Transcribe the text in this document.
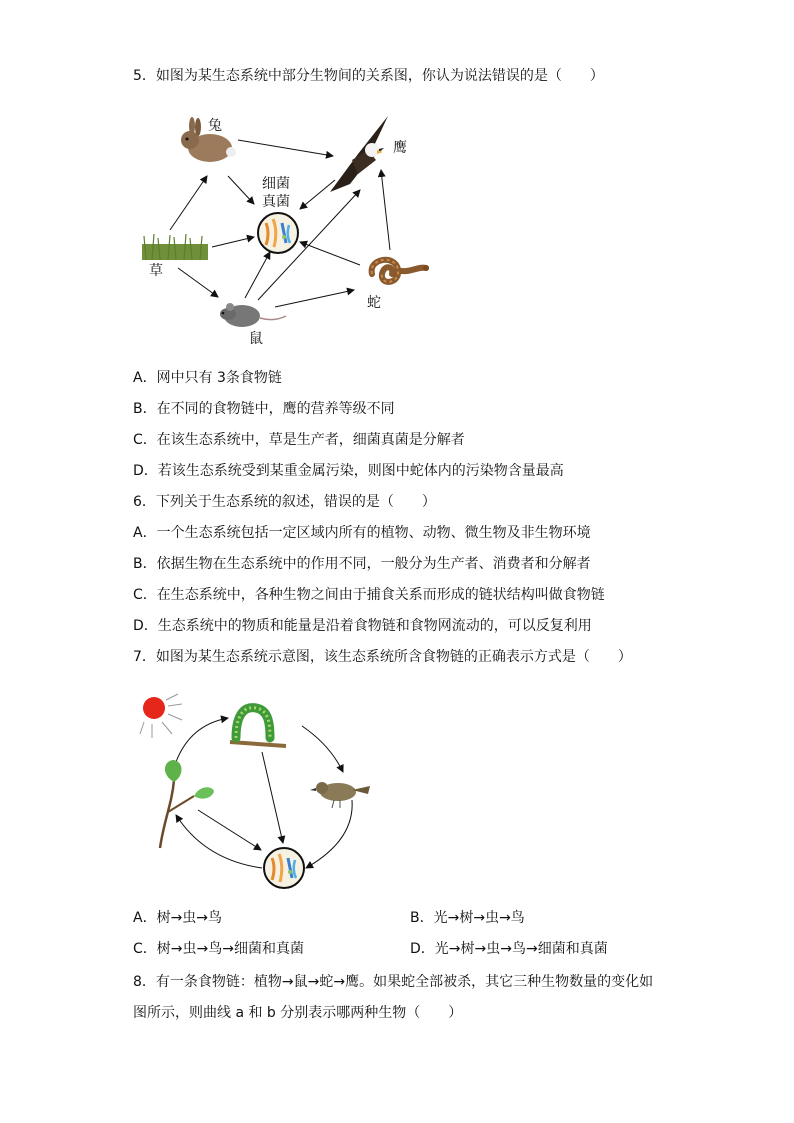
5．如图为某生态系统中部分生物间的关系图，你认为说法错误的是（　　）
兔
鹰
细菌
真菌
草
鼠
蛇
A．网中只有 3条食物链
B．在不同的食物链中，鹰的营养等级不同
C．在该生态系统中，草是生产者，细菌真菌是分解者
D．若该生态系统受到某重金属污染，则图中蛇体内的污染物含量最高
6．下列关于生态系统的叙述，错误的是（　　）
A．一个生态系统包括一定区域内所有的植物、动物、微生物及非生物环境
B．依据生物在生态系统中的作用不同，一般分为生产者、消费者和分解者
C．在生态系统中，各种生物之间由于捕食关系而形成的链状结构叫做食物链
D．生态系统中的物质和能量是沿着食物链和食物网流动的，可以反复利用
7．如图为某生态系统示意图，该生态系统所含食物链的正确表示方式是（　　）
A．树→虫→鸟	B．光→树→虫→鸟
C．树→虫→鸟→细菌和真菌	D．光→树→虫→鸟→细菌和真菌
8．有一条食物链：植物→鼠→蛇→鹰。如果蛇全部被杀，其它三种生物数量的变化如
图所示，则曲线 a 和 b 分别表示哪两种生物（　　）
